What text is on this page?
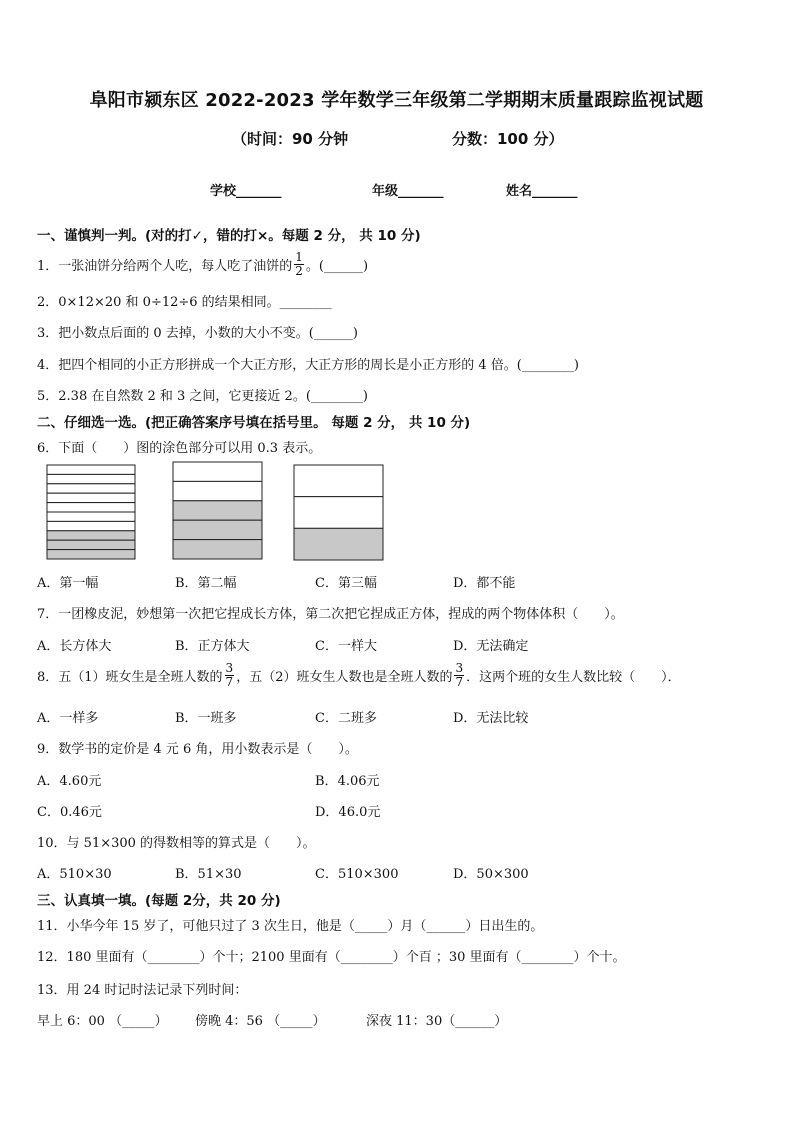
阜阳市颍东区 2022-2023 学年数学三年级第二学期期末质量跟踪监视试题
（时间：90 分钟	分数：100 分）
学校_______	年级_______	姓名_______
一、谨慎判一判。(对的打✓，错的打×。每题 2 分， 共 10 分)
1．一张油饼分给两个人吃，每人吃了油饼的 $\frac{1}{2}$ 。(______)
2．0×12×20 和 0÷12÷6 的结果相同。________
3．把小数点后面的 0 去掉，小数的大小不变。(______)
4．把四个相同的小正方形拼成一个大正方形，大正方形的周长是小正方形的 4 倍。(________)
5．2.38 在自然数 2 和 3 之间，它更接近 2。(________)
二、仔细选一选。(把正确答案序号填在括号里。 每题 2 分， 共 10 分)
6．下面（　　）图的涂色部分可以用 0.3 表示。
A．第一幅	B．第二幅	C．第三幅	D．都不能
7．一团橡皮泥，妙想第一次把它捏成长方体，第二次把它捏成正方体，捏成的两个物体体积（　　）。
A．长方体大	B．正方体大	C．一样大	D．无法确定
8．五（1）班女生是全班人数的 $\frac{3}{7}$ ，五（2）班女生人数也是全班人数的 $\frac{3}{7}$ ．这两个班的女生人数比较（　　）．
A．一样多	B．一班多	C．二班多	D．无法比较
9．数学书的定价是 4 元 6 角，用小数表示是（　　）。
A．4.60元	B．4.06元
C．0.46元	D．46.0元
10．与 51×300 的得数相等的算式是（　　）。
A．510×30	B．51×30	C．510×300	D．50×300
三、认真填一填。(每题 2分，共 20 分)
11．小华今年 15 岁了，可他只过了 3 次生日，他是（_____）月（______）日出生的。
12．180 里面有（________）个十；2100 里面有（________）个百 ；30 里面有（________）个十。
13．用 24 时记时法记录下列时间：
早上 6：00 （_____） 傍晚 4：56 （_____）	深夜 11：30（______）
